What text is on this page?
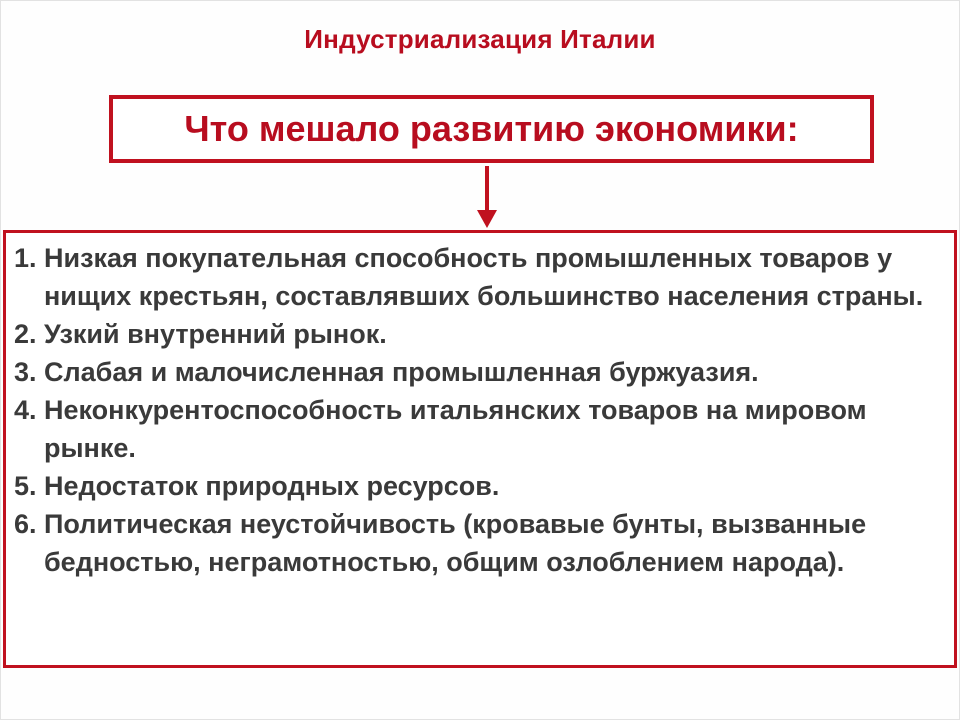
Индустриализация Италии
Что мешало развитию экономики:
1. Низкая покупательная способность промышленных товаров у нищих крестьян, составлявших большинство населения страны.
2. Узкий внутренний рынок.
3. Слабая и малочисленная промышленная буржуазия.
4. Неконкурентоспособность итальянских товаров на мировом рынке.
5. Недостаток природных ресурсов.
6. Политическая неустойчивость (кровавые бунты, вызванные бедностью, неграмотностью, общим озлоблением народа).
